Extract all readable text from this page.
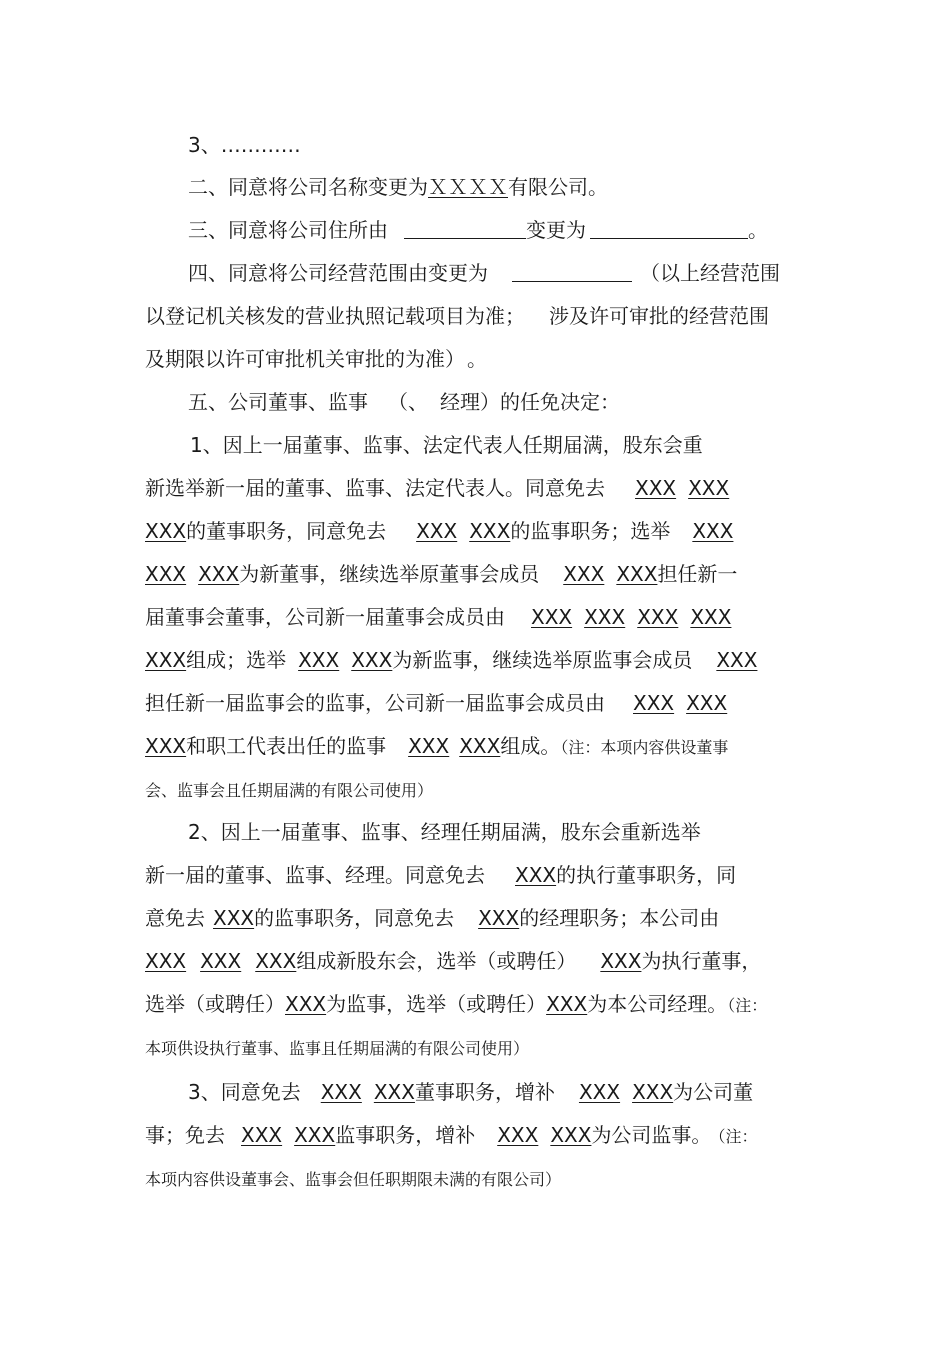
3、…………
二、同意将公司名称变更为ＸＸＸＸ有限公司。
三、同意将公司住所由	变更为	。
四、同意将公司经营范围由变更为	（以上经营范围
以登记机关核发的营业执照记载项目为准； 涉及许可审批的经营范围
及期限以许可审批机关审批的为准） 。
五、公司董事、监事 （、 经理）的任免决定：
1、因上一届董事、监事、法定代表人任期届满，股东会重
新选举新一届的董事、监事、法定代表人。同意免去 XXX XXX
XXX的董事职务，同意免去 XXX XXX的监事职务；选举 XXX
XXX XXX为新董事，继续选举原董事会成员 XXX XXX担任新一
届董事会董事，公司新一届董事会成员由 XXX XXX XXX XXX
XXX组成；选举 XXX XXX为新监事，继续选举原监事会成员 XXX
担任新一届监事会的监事，公司新一届监事会成员由 XXX XXX
XXX和职工代表出任的监事 XXX XXX组成。（注：本项内容供设董事
会、监事会且任期届满的有限公司使用）
2、因上一届董事、监事、经理任期届满，股东会重新选举
新一届的董事、监事、经理。同意免去 XXX的执行董事职务，同
意免去 XXX的监事职务，同意免去 XXX的经理职务；本公司由
XXX XXX XXX组成新股东会，选举（或聘任） XXX为执行董事，
选举（或聘任）XXX为监事，选举（或聘任）XXX为本公司经理。（注：
本项供设执行董事、监事且任期届满的有限公司使用）
3、同意免去 XXX XXX董事职务，增补 XXX XXX为公司董
事；免去 XXX XXX监事职务，增补 XXX XXX为公司监事。 （注：
本项内容供设董事会、监事会但任职期限未满的有限公司）
